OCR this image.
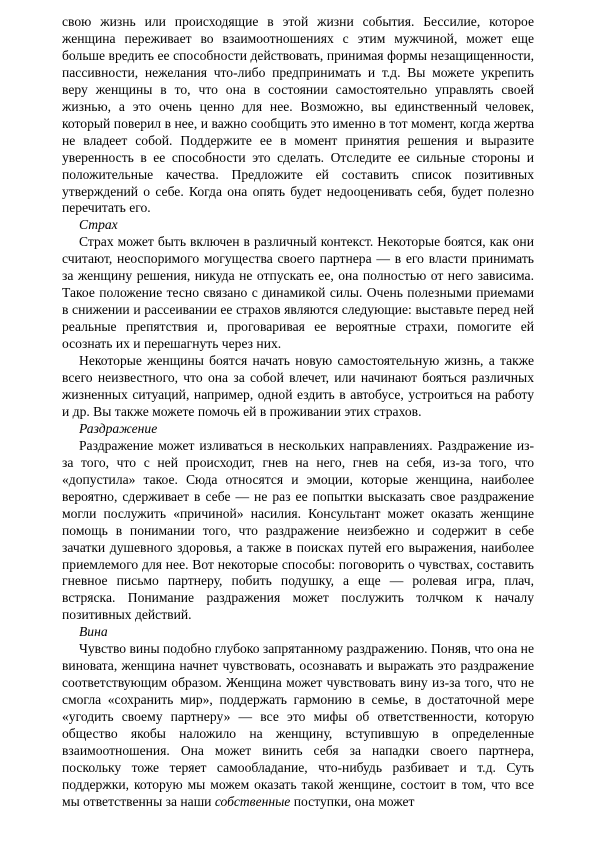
свою жизнь или происходящие в этой жизни события. Бессилие, которое женщина переживает во взаимоотношениях с этим мужчиной, может еще больше вредить ее способности действовать, принимая формы незащищенности, пассивности, нежелания что-либо предпринимать и т.д. Вы можете укрепить веру женщины в то, что она в состоянии самостоятельно управлять своей жизнью, а это очень ценно для нее. Возможно, вы единственный человек, который поверил в нее, и важно сообщить это именно в тот момент, когда жертва не владеет собой. Поддержите ее в момент принятия решения и выразите уверенность в ее способности это сделать. Отследите ее сильные стороны и положительные качества. Предложите ей составить список позитивных утверждений о себе. Когда она опять будет недооценивать себя, будет полезно перечитать его.

Страх

Страх может быть включен в различный контекст. Некоторые боятся, как они считают, неоспоримого могущества своего партнера — в его власти принимать за женщину решения, никуда не отпускать ее, она полностью от него зависима. Такое положение тесно связано с динамикой силы. Очень полезными приемами в снижении и рассеивании ее страхов являются следующие: выставьте перед ней реальные препятствия и, проговаривая ее вероятные страхи, помогите ей осознать их и перешагнуть через них.

Некоторые женщины боятся начать новую самостоятельную жизнь, а также всего неизвестного, что она за собой влечет, или начинают бояться различных жизненных ситуаций, например, одной ездить в автобусе, устроиться на работу и др. Вы также можете помочь ей в проживании этих страхов.

Раздражение

Раздражение может изливаться в нескольких направлениях. Раздражение из-за того, что с ней происходит, гнев на него, гнев на себя, из-за того, что «допустила» такое. Сюда относятся и эмоции, которые женщина, наиболее вероятно, сдерживает в себе — не раз ее попытки высказать свое раздражение могли послужить «причиной» насилия. Консультант может оказать женщине помощь в понимании того, что раздражение неизбежно и содержит в себе зачатки душевного здоровья, а также в поисках путей его выражения, наиболее приемлемого для нее. Вот некоторые способы: поговорить о чувствах, составить гневное письмо партнеру, побить подушку, а еще — ролевая игра, плач, встряска. Понимание раздражения может послужить толчком к началу позитивных действий.

Вина

Чувство вины подобно глубоко запрятанному раздражению. Поняв, что она не виновата, женщина начнет чувствовать, осознавать и выражать это раздражение соответствующим образом. Женщина может чувствовать вину из-за того, что не смогла «сохранить мир», поддержать гармонию в семье, в достаточной мере «угодить своему партнеру» — все это мифы об ответственности, которую общество якобы наложило на женщину, вступившую в определенные взаимоотношения. Она может винить себя за нападки своего партнера, поскольку тоже теряет самообладание, что-нибудь разбивает и т.д. Суть поддержки, которую мы можем оказать такой женщине, состоит в том, что все мы ответственны за наши собственные поступки, она может
